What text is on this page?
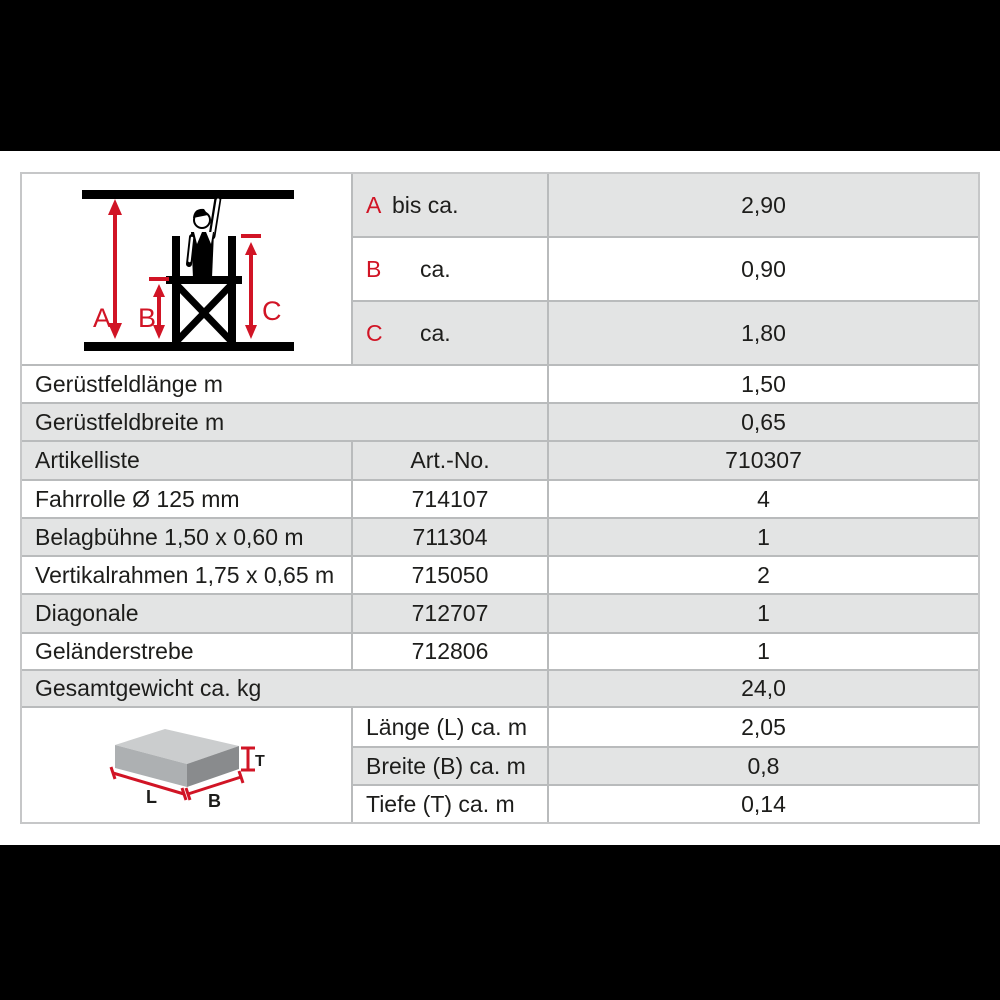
A B	C
A bis ca.	2,90
B	ca.	0,90
C	ca.	1,80
Gerüstfeldlänge m	1,50
Gerüstfeldbreite m	0,65
Artikelliste	Art.-No.	710307
Fahrrolle Ø 125 mm	714107	4
Belagbühne 1,50 x 0,60 m	711304	1
Vertikalrahmen 1,75 x 0,65 m	715050	2
Diagonale	712707	1
Geländerstrebe	712806	1
Gesamtgewicht ca. kg	24,0
L	B
T
Länge (L) ca. m	2,05
Breite (B) ca. m	0,8
Tiefe (T) ca. m	0,14
